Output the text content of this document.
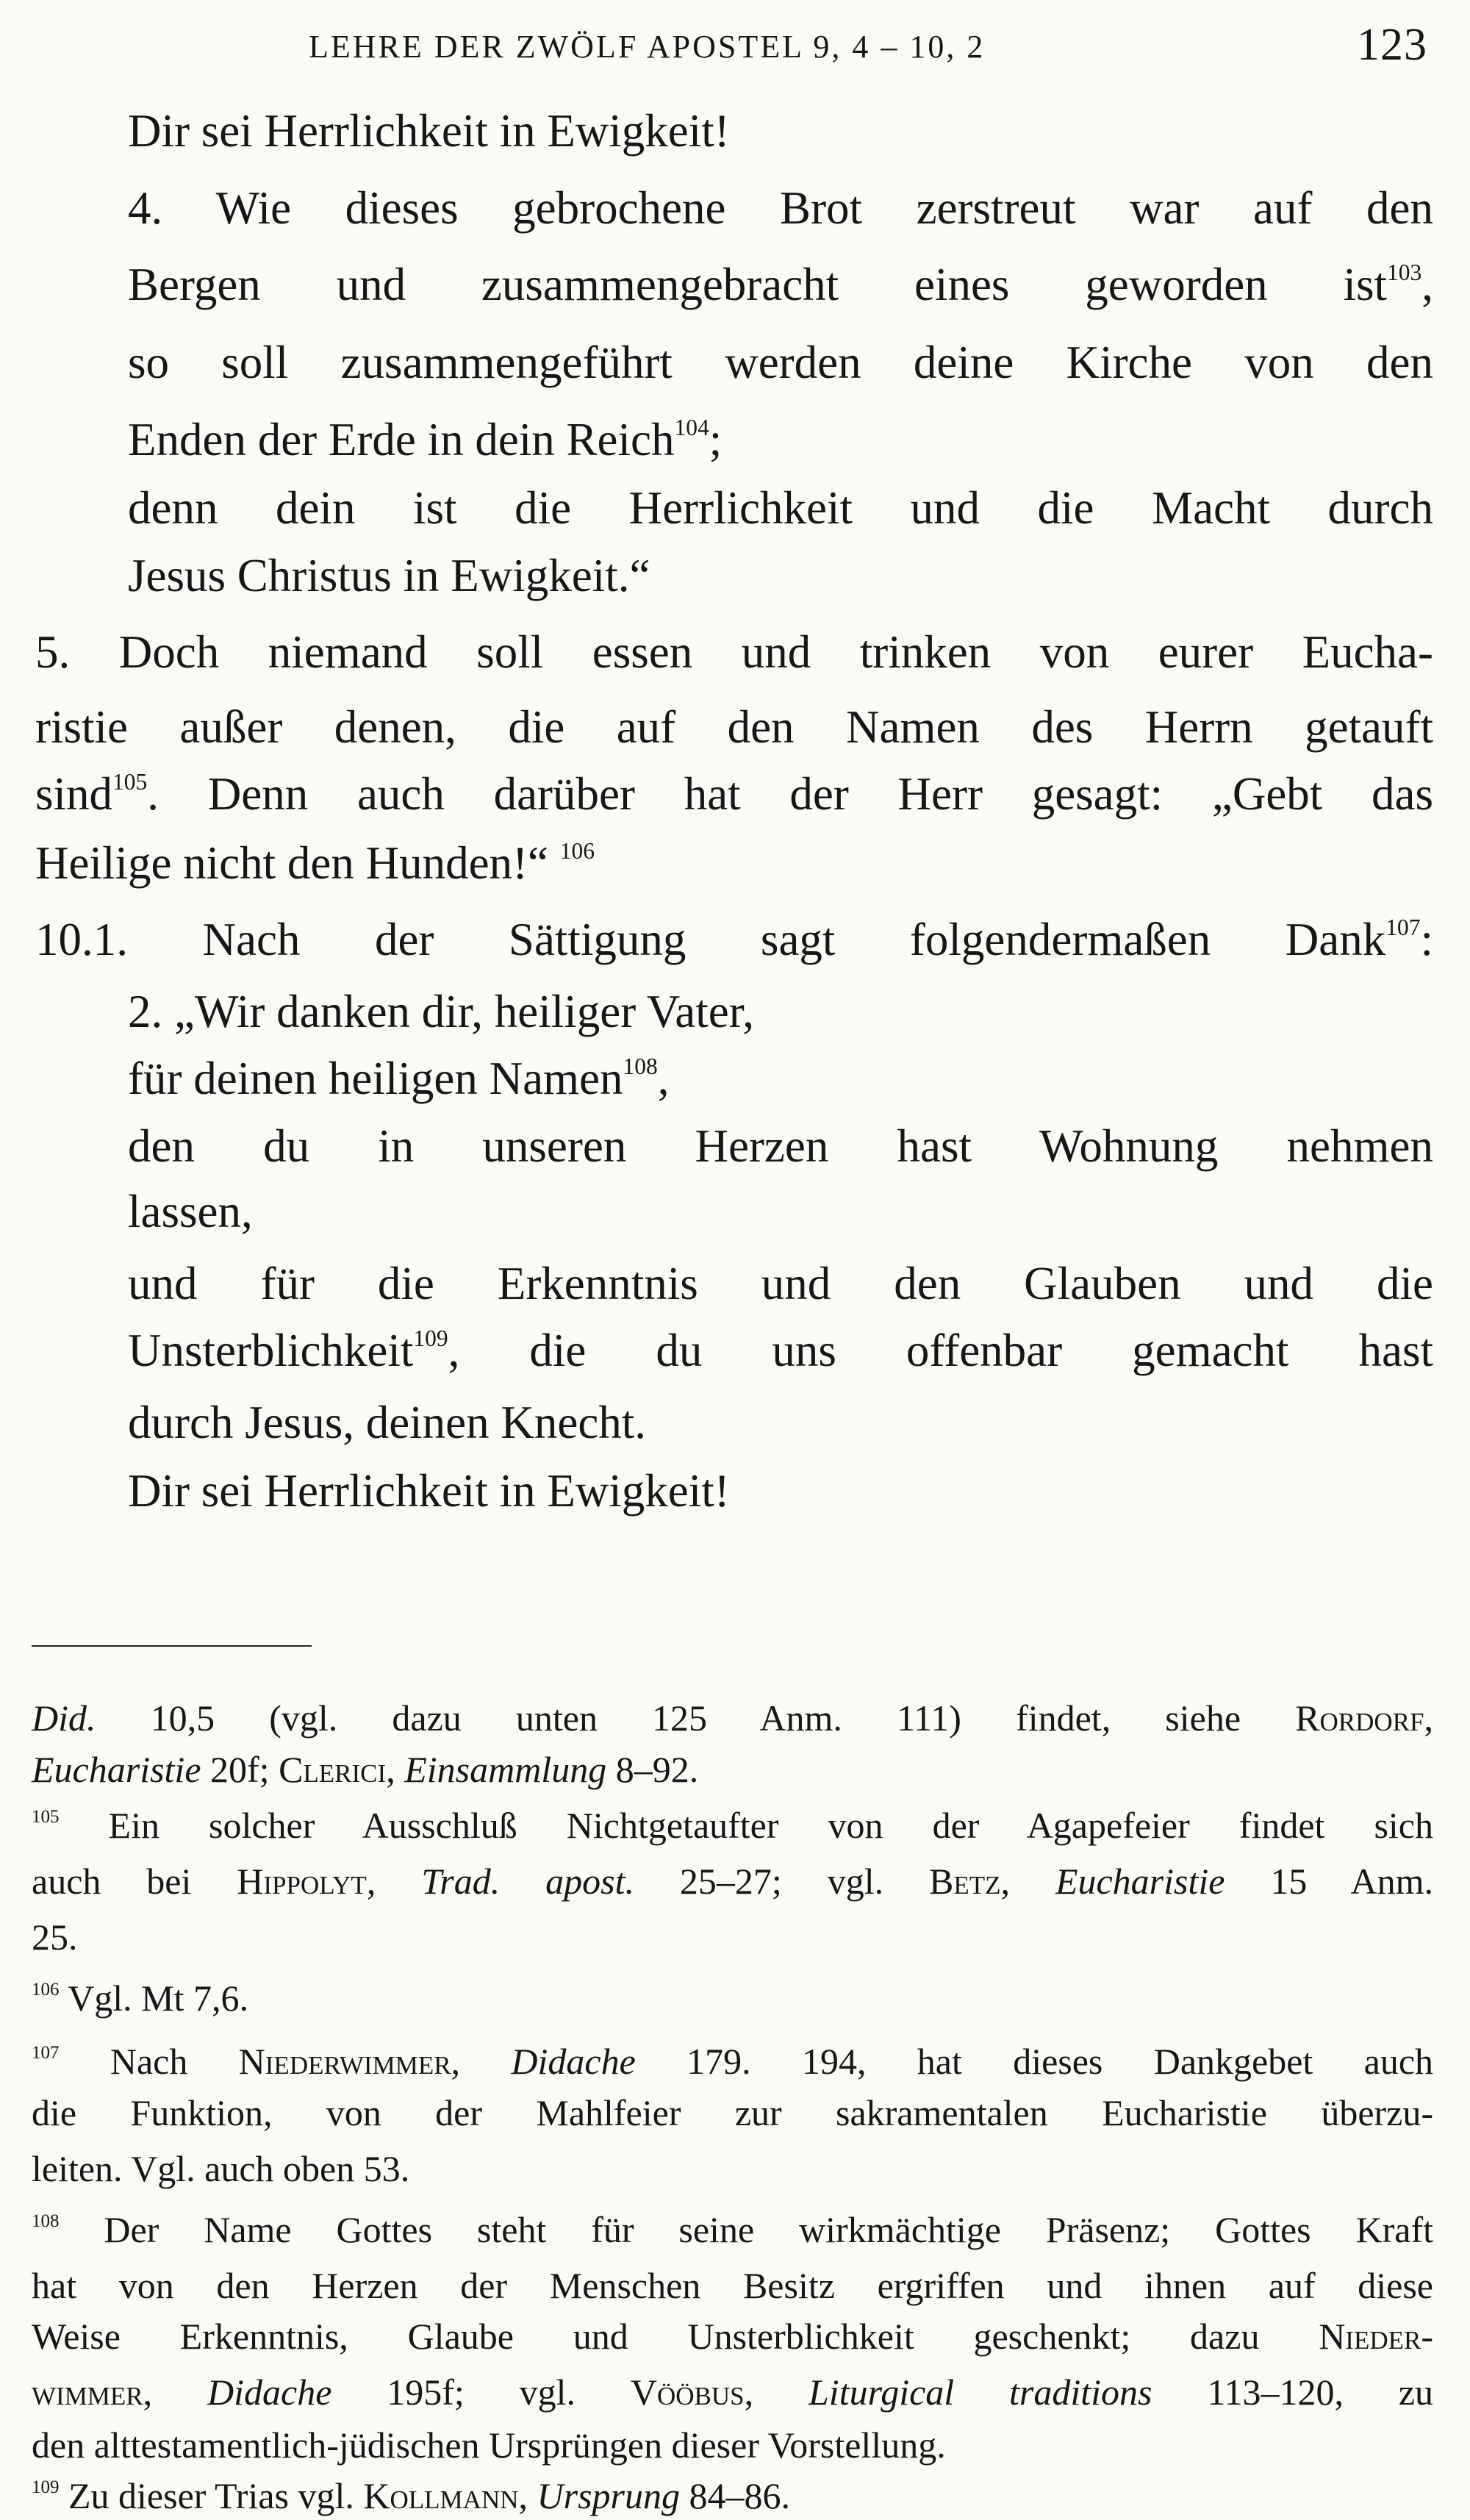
LEHRE DER ZWÖLF APOSTEL 9, 4 – 10, 2	123
Dir sei Herrlichkeit in Ewigkeit!
4. Wie dieses gebrochene Brot zerstreut war auf den
Bergen und zusammengebracht eines geworden ist$^{103}$,
so soll zusammengeführt werden deine Kirche von den
Enden der Erde in dein Reich$^{104}$;
denn dein ist die Herrlichkeit und die Macht durch
Jesus Christus in Ewigkeit.“
5. Doch niemand soll essen und trinken von eurer Eucha-
ristie außer denen, die auf den Namen des Herrn getauft
sind$^{105}$. Denn auch darüber hat der Herr gesagt: „Gebt das
Heilige nicht den Hunden!“ $^{106}$
10.1. Nach der Sättigung sagt folgendermaßen Dank$^{107}$:
2. „Wir danken dir, heiliger Vater,
für deinen heiligen Namen$^{108}$,
den du in unseren Herzen hast Wohnung nehmen
lassen,
und für die Erkenntnis und den Glauben und die
Unsterblichkeit$^{109}$, die du uns offenbar gemacht hast
durch Jesus, deinen Knecht.
Dir sei Herrlichkeit in Ewigkeit!
Did. 10,5 (vgl. dazu unten 125 Anm. 111) findet, siehe Rordorf,
Eucharistie 20f; Clerici, Einsammlung 8–92.
$^{105}$ Ein solcher Ausschluß Nichtgetaufter von der Agapefeier findet sich
auch bei Hippolyt, Trad. apost. 25–27; vgl. Betz, Eucharistie 15 Anm.
25.
$^{106}$ Vgl. Mt 7,6.
$^{107}$ Nach Niederwimmer, Didache 179. 194, hat dieses Dankgebet auch
die Funktion, von der Mahlfeier zur sakramentalen Eucharistie überzu-
leiten. Vgl. auch oben 53.
$^{108}$ Der Name Gottes steht für seine wirkmächtige Präsenz; Gottes Kraft
hat von den Herzen der Menschen Besitz ergriffen und ihnen auf diese
Weise Erkenntnis, Glaube und Unsterblichkeit geschenkt; dazu Nieder-
wimmer, Didache 195f; vgl. Vööbus, Liturgical traditions 113–120, zu
den alttestamentlich-jüdischen Ursprüngen dieser Vorstellung.
$^{109}$ Zu dieser Trias vgl. Kollmann, Ursprung 84–86.
